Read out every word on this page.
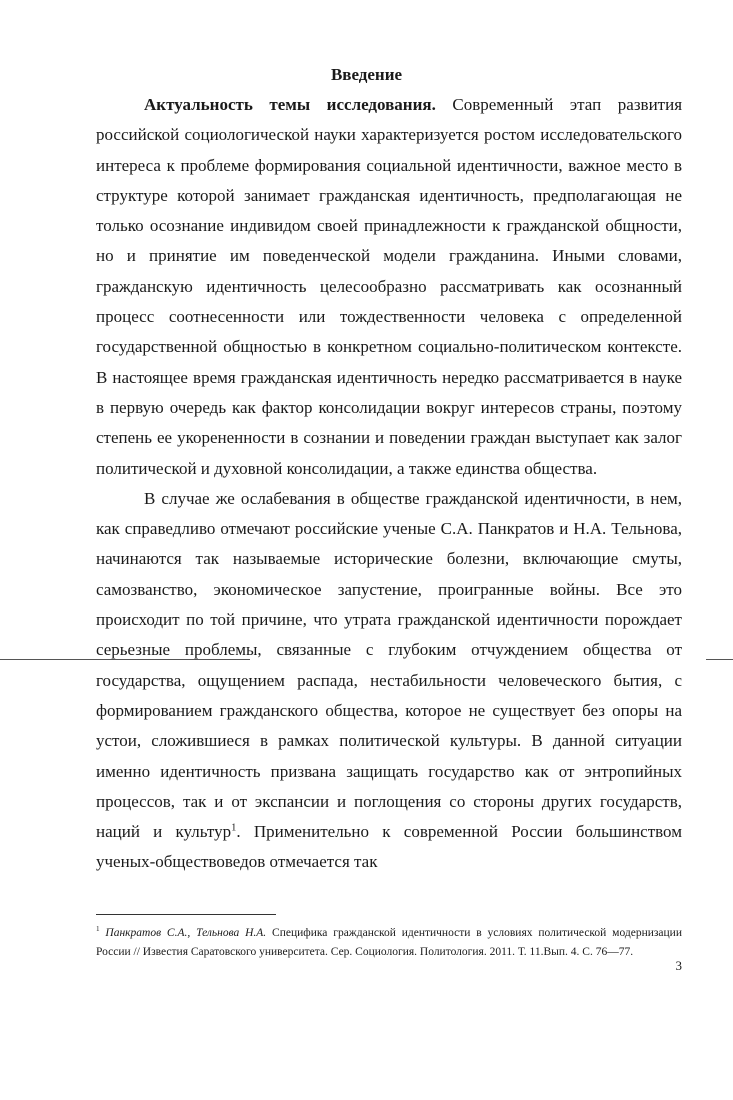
Введение

Актуальность темы исследования. Современный этап развития российской социологической науки характеризуется ростом исследовательского интереса к проблеме формирования социальной идентичности, важное место в структуре которой занимает гражданская идентичность, предполагающая не только осознание индивидом своей принадлежности к гражданской общности, но и принятие им поведенческой модели гражданина. Иными словами, гражданскую идентичность целесообразно рассматривать как осознанный процесс соотнесенности или тождественности человека с определенной государственной общностью в конкретном социально-политическом контексте. В настоящее время гражданская идентичность нередко рассматривается в науке в первую очередь как фактор консолидации вокруг интересов страны, поэтому степень ее укорененности в сознании и поведении граждан выступает как залог политической и духовной консолидации, а также единства общества.

В случае же ослабевания в обществе гражданской идентичности, в нем, как справедливо отмечают российские ученые С.А. Панкратов и Н.А. Тельнова, начинаются так называемые исторические болезни, включающие смуты, самозванство, экономическое запустение, проигранные войны. Все это происходит по той причине, что утрата гражданской идентичности порождает серьезные проблемы, связанные с глубоким отчуждением общества от государства, ощущением распада, нестабильности человеческого бытия, с формированием гражданского общества, которое не существует без опоры на устои, сложившиеся в рамках политической культуры. В данной ситуации именно идентичность призвана защищать государство как от энтропийных процессов, так и от экспансии и поглощения со стороны других государств, наций и культур$^1$. Применительно к современной России большинством ученых-обществоведов отмечается так

$^1$ Панкратов С.А., Тельнова Н.А. Специфика гражданской идентичности в условиях политической модернизации России // Известия Саратовского университета. Сер. Социология. Политология. 2011. Т. 11.Вып. 4. С. 76—77.
3
